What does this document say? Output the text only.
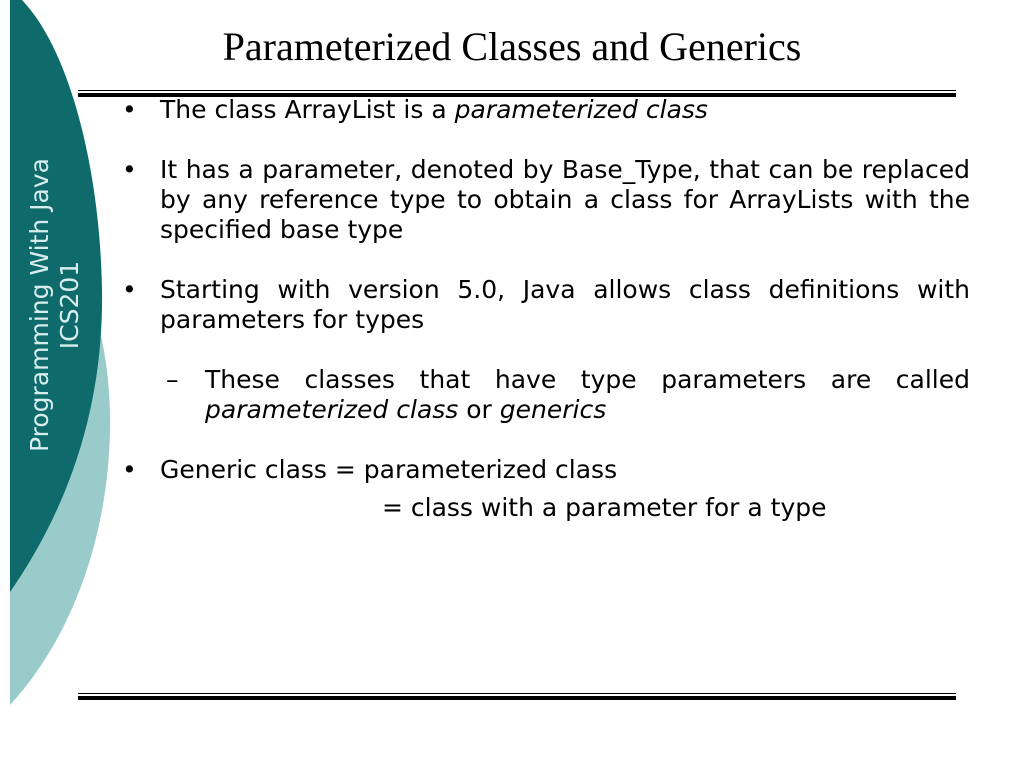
Programming With Java
ICS201
Parameterized Classes and Generics
• The class ArrayList is a parameterized class
• It has a parameter, denoted by Base_Type, that can be replaced by any reference type to obtain a class for ArrayLists with the specified base type
• Starting with version 5.0, Java allows class definitions with parameters for types
– These classes that have type parameters are called parameterized class or generics
• Generic class = parameterized class
= class with a parameter for a type
